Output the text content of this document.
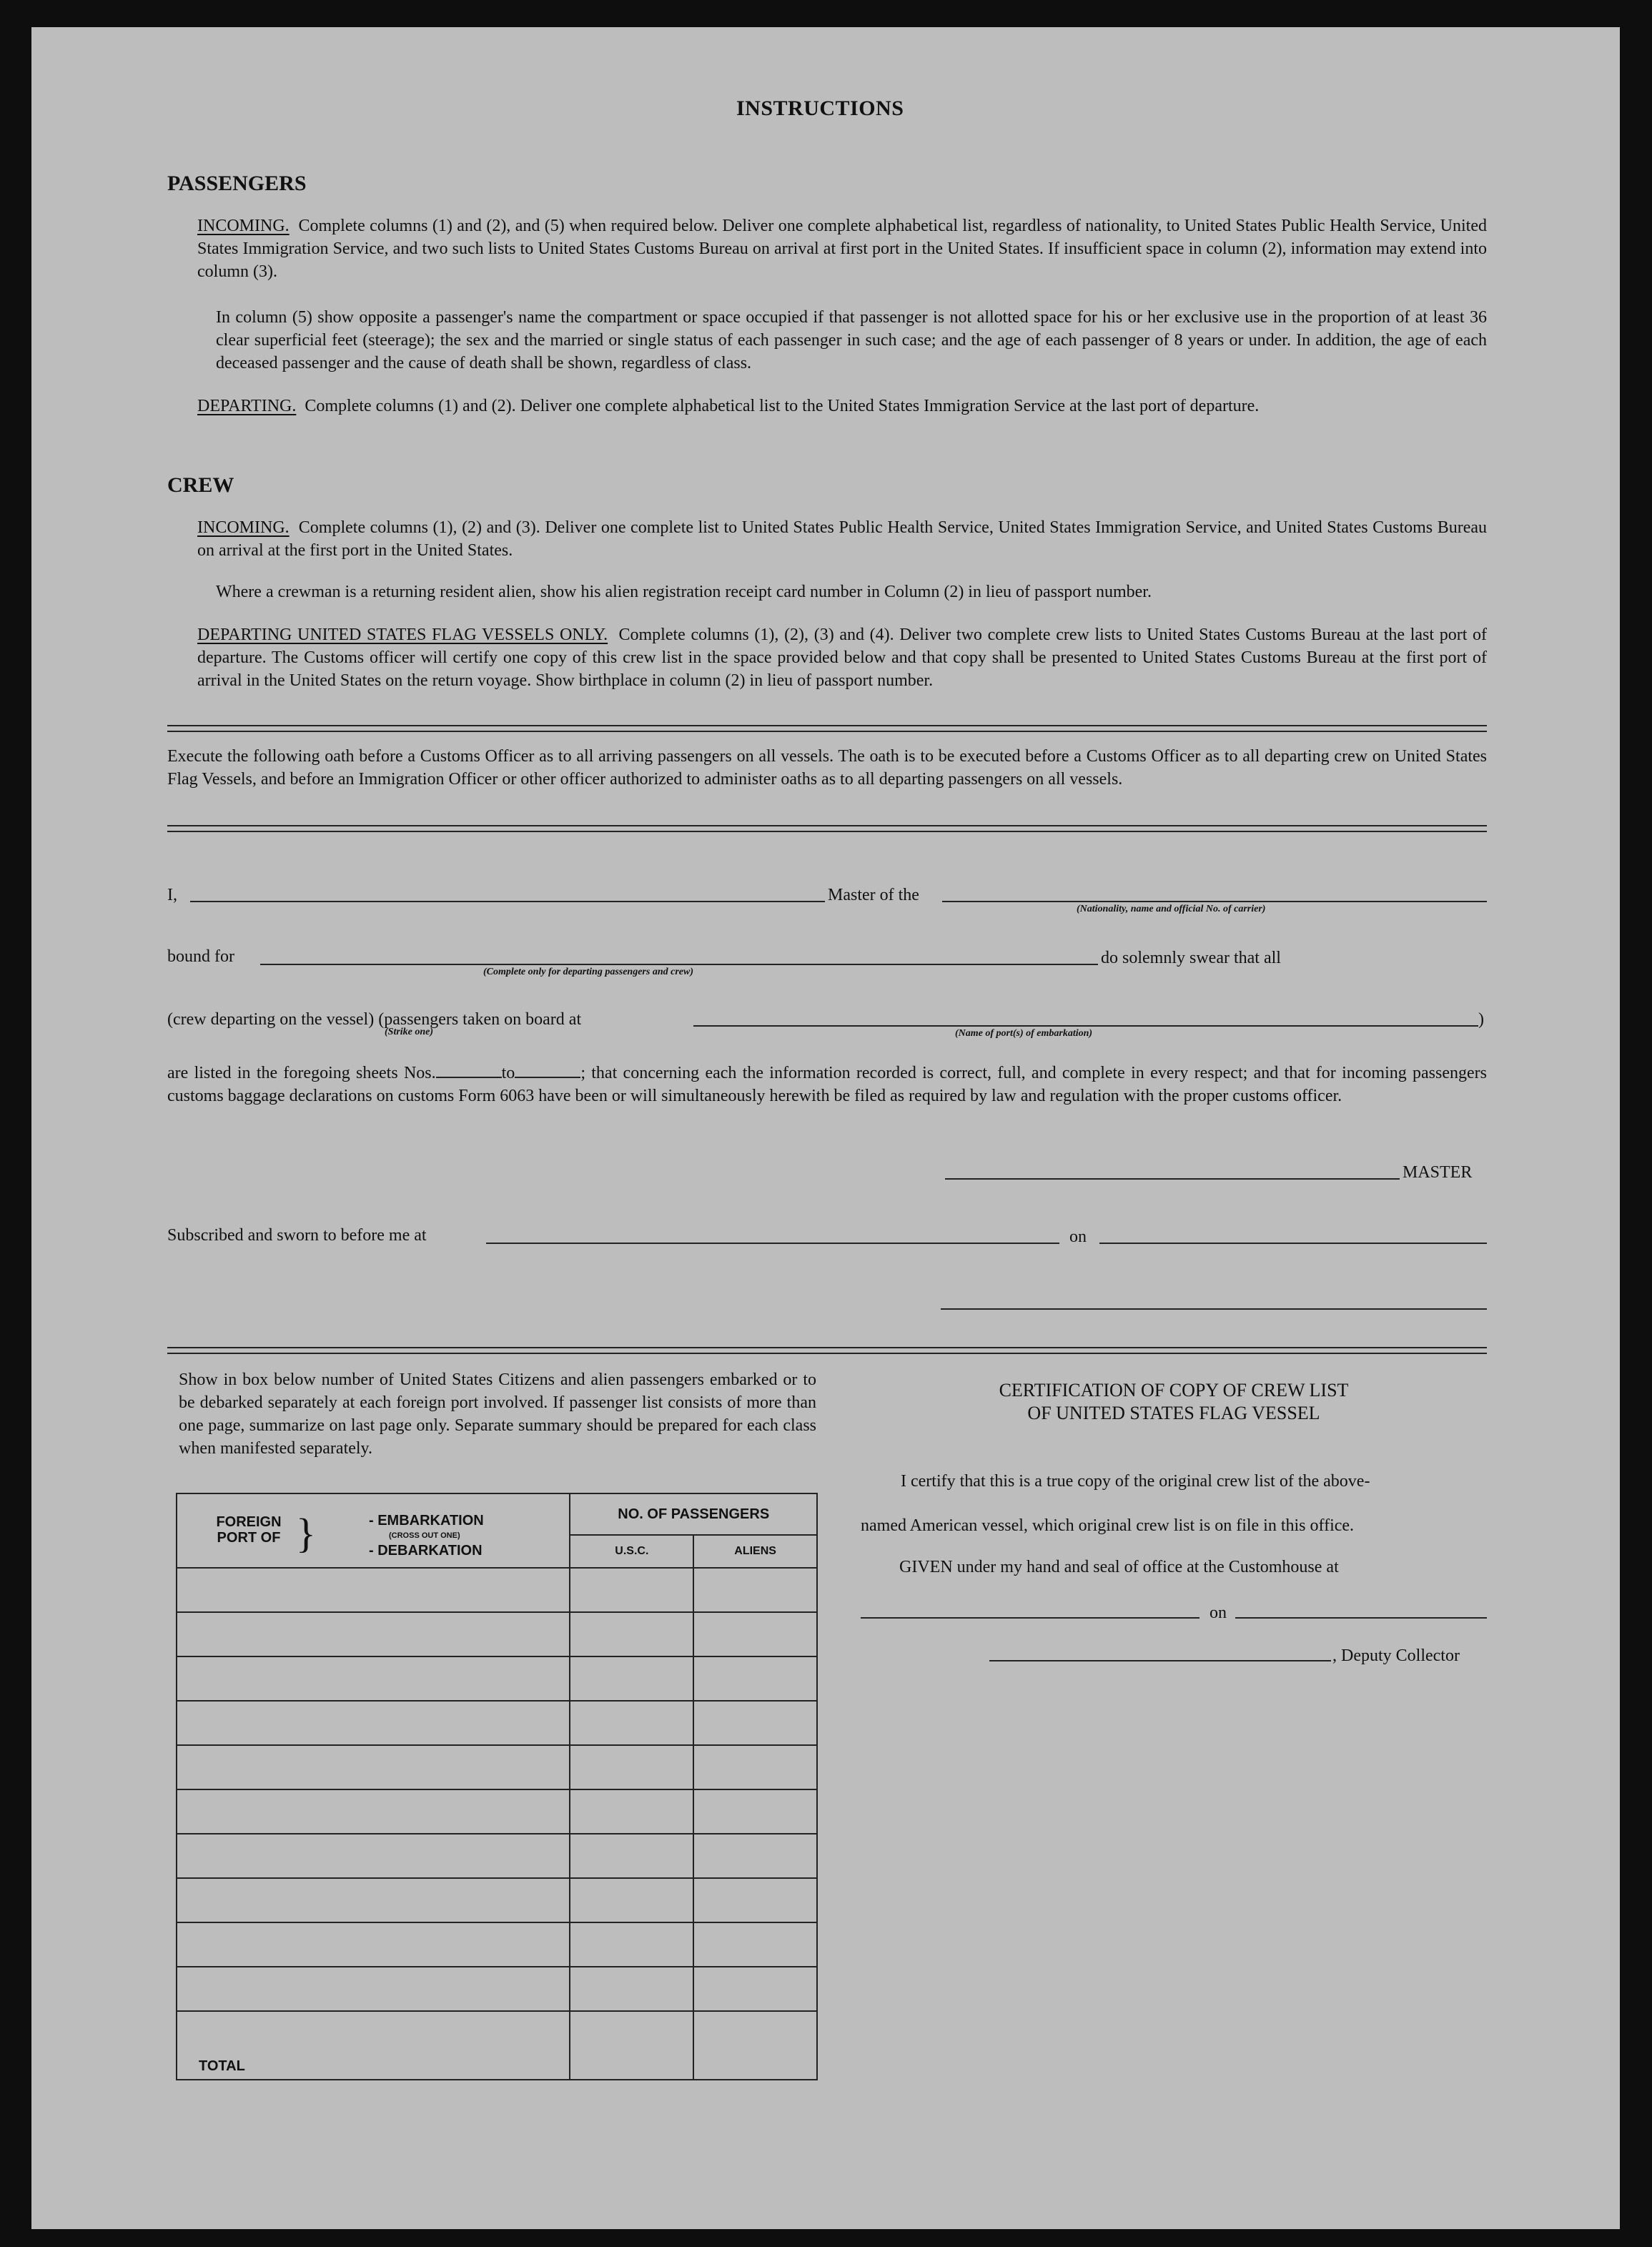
INSTRUCTIONS
PASSENGERS
INCOMING. Complete columns (1) and (2), and (5) when required below. Deliver one complete alphabetical list, regardless of nationality, to United States Public Health Service, United States Immigration Service, and two such lists to United States Customs Bureau on arrival at first port in the United States. If insufficient space in column (2), information may extend into column (3).
In column (5) show opposite a passenger's name the compartment or space occupied if that passenger is not allotted space for his or her exclusive use in the proportion of at least 36 clear superficial feet (steerage); the sex and the married or single status of each passenger in such case; and the age of each passenger of 8 years or under. In addition, the age of each deceased passenger and the cause of death shall be shown, regardless of class.
DEPARTING. Complete columns (1) and (2). Deliver one complete alphabetical list to the United States Immigration Service at the last port of departure.
CREW
INCOMING. Complete columns (1), (2) and (3). Deliver one complete list to United States Public Health Service, United States Immigration Service, and United States Customs Bureau on arrival at the first port in the United States.
Where a crewman is a returning resident alien, show his alien registration receipt card number in Column (2) in lieu of passport number.
DEPARTING UNITED STATES FLAG VESSELS ONLY. Complete columns (1), (2), (3) and (4). Deliver two complete crew lists to United States Customs Bureau at the last port of departure. The Customs officer will certify one copy of this crew list in the space provided below and that copy shall be presented to United States Customs Bureau at the first port of arrival in the United States on the return voyage. Show birthplace in column (2) in lieu of passport number.
Execute the following oath before a Customs Officer as to all arriving passengers on all vessels. The oath is to be executed before a Customs Officer as to all departing crew on United States Flag Vessels, and before an Immigration Officer or other officer authorized to administer oaths as to all departing passengers on all vessels.
I,	Master of the
(Nationality, name and official No. of carrier)
bound for	do solemnly swear that all
(Complete only for departing passengers and crew)
(crew departing on the vessel) (passengers taken on board at	)
(Strike one)	(Name of port(s) of embarkation)
are listed in the foregoing sheets Nos.	to	; that concerning each the information recorded is correct, full, and complete in every respect; and that for incoming passengers customs baggage declarations on customs Form 6063 have been or will simultaneously herewith be filed as required by law and regulation with the proper customs officer.
MASTER
Subscribed and sworn to before me at	on
Show in box below number of United States Citizens and alien passengers embarked or to be debarked separately at each foreign port involved. If passenger list consists of more than one page, summarize on last page only. Separate summary should be prepared for each class when manifested separately.
FOREIGN PORT OF } - EMBARKATION
(CROSS OUT ONE)
- DEBARKATION	NO. OF PASSENGERS	
	U.S.C.	ALIENS

TOTAL		
CERTIFICATION OF COPY OF CREW LIST
OF UNITED STATES FLAG VESSEL
I certify that this is a true copy of the original crew list of the above-
named American vessel, which original crew list is on file in this office.
GIVEN under my hand and seal of office at the Customhouse at
on
, Deputy Collector
